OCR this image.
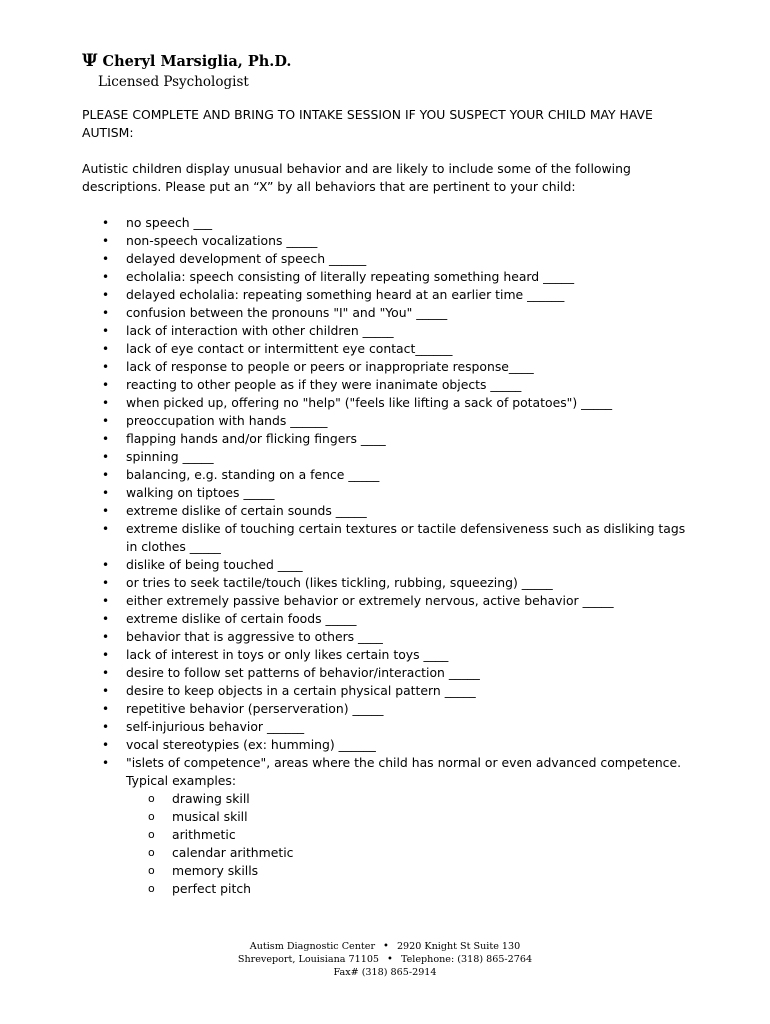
Ψ Cheryl Marsiglia, Ph.D.
Licensed Psychologist
PLEASE COMPLETE AND BRING TO INTAKE SESSION IF YOU SUSPECT YOUR CHILD MAY HAVE AUTISM:
Autistic children display unusual behavior and are likely to include some of the following descriptions. Please put an “X” by all behaviors that are pertinent to your child:
• no speech ___
• non-speech vocalizations _____
• delayed development of speech ______
• echolalia: speech consisting of literally repeating something heard _____
• delayed echolalia: repeating something heard at an earlier time ______
• confusion between the pronouns "I" and "You" _____
• lack of interaction with other children _____
• lack of eye contact or intermittent eye contact______
• lack of response to people or peers or inappropriate response____
• reacting to other people as if they were inanimate objects _____
• when picked up, offering no "help" ("feels like lifting a sack of potatoes") _____
• preoccupation with hands ______
• flapping hands and/or flicking fingers ____
• spinning _____
• balancing, e.g. standing on a fence _____
• walking on tiptoes _____
• extreme dislike of certain sounds _____
• extreme dislike of touching certain textures or tactile defensiveness such as disliking tags in clothes _____
• dislike of being touched ____
• or tries to seek tactile/touch (likes tickling, rubbing, squeezing) _____
• either extremely passive behavior or extremely nervous, active behavior _____
• extreme dislike of certain foods _____
• behavior that is aggressive to others ____
• lack of interest in toys or only likes certain toys ____
• desire to follow set patterns of behavior/interaction _____
• desire to keep objects in a certain physical pattern _____
• repetitive behavior (perserveration) _____
• self-injurious behavior ______
• vocal stereotypies (ex: humming) ______
• "islets of competence", areas where the child has normal or even advanced competence. Typical examples:
o drawing skill
o musical skill
o arithmetic
o calendar arithmetic
o memory skills
o perfect pitch
Autism Diagnostic Center • 2920 Knight St Suite 130
Shreveport, Louisiana 71105 • Telephone: (318) 865-2764
Fax# (318) 865-2914
